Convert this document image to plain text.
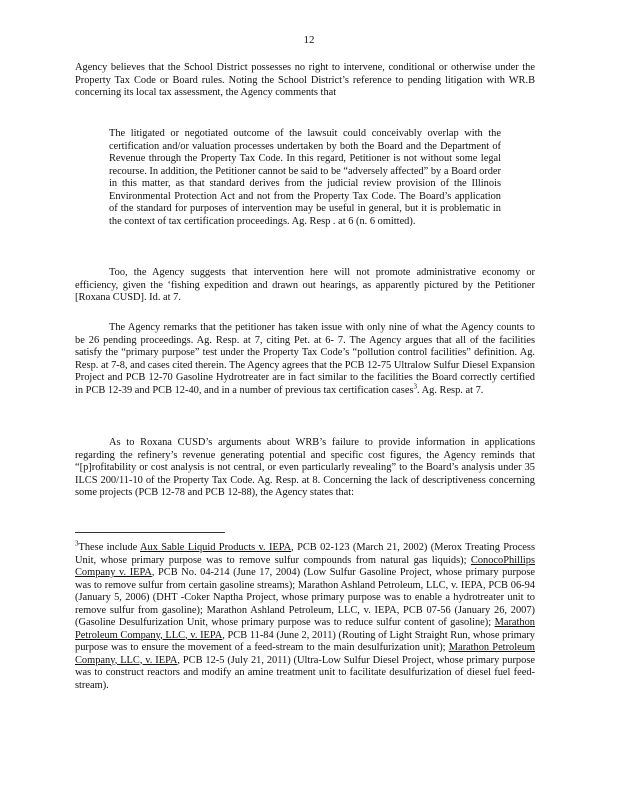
12

Agency believes that the School District possesses no right to intervene, conditional or otherwise under the Property Tax Code or Board rules. Noting the School District’s reference to pending litigation with WR.B concerning its local tax assessment, the Agency comments that

The litigated or negotiated outcome of the lawsuit could conceivably overlap with the certification and/or valuation processes undertaken by both the Board and the Department of Revenue through the Property Tax Code. In this regard, Petitioner is not without some legal recourse. In addition, the Petitioner cannot be said to be “adversely affected” by a Board order in this matter, as that standard derives from the judicial review provision of the Illinois Environmental Protection Act and not from the Property Tax Code. The Board’s application of the standard for purposes of intervention may be useful in general, but it is problematic in the context of tax certification proceedings. Ag. Resp . at 6 (n. 6 omitted).

Too, the Agency suggests that intervention here will not promote administrative economy or efficiency, given the ‘fishing expedition and drawn out hearings, as apparently pictured by the Petitioner [Roxana CUSD]. Id. at 7.

The Agency remarks that the petitioner has taken issue with only nine of what the Agency counts to be 26 pending proceedings. Ag. Resp. at 7, citing Pet. at 6- 7. The Agency argues that all of the facilities satisfy the “primary purpose” test under the Property Tax Code’s “pollution control facilities” definition. Ag. Resp. at 7-8, and cases cited therein. The Agency agrees that the PCB 12-75 Ultralow Sulfur Diesel Expansion Project and PCB 12-70 Gasoline Hydrotreater are in fact similar to the facilities the Board correctly certified in PCB 12-39 and PCB 12-40, and in a number of previous tax certification cases$^3$. Ag. Resp. at 7.

As to Roxana CUSD’s arguments about WRB’s failure to provide information in applications regarding the refinery’s revenue generating potential and specific cost figures, the Agency reminds that “[p]rofitability or cost analysis is not central, or even particularly revealing” to the Board’s analysis under 35 ILCS 200/11-10 of the Property Tax Code. Ag. Resp. at 8. Concerning the lack of descriptiveness concerning some projects (PCB 12-78 and PCB 12-88), the Agency states that:

$^3$These include Aux Sable Liquid Products v. IEPA, PCB 02-123 (March 21, 2002) (Merox Treating Process Unit, whose primary purpose was to remove sulfur compounds from natural gas liquids); ConocoPhillips Company v. IEPA, PCB No. 04-214 (June 17, 2004) (Low Sulfur Gasoline Project, whose primary purpose was to remove sulfur from certain gasoline streams); Marathon Ashland Petroleum, LLC, v. IEPA, PCB 06-94 (January 5, 2006) (DHT -Coker Naptha Project, whose primary purpose was to enable a hydrotreater unit to remove sulfur from gasoline); Marathon Ashland Petroleum, LLC, v. IEPA, PCB 07-56 (January 26, 2007) (Gasoline Desulfurization Unit, whose primary purpose was to reduce sulfur content of gasoline); Marathon Petroleum Company, LLC, v. IEPA, PCB 11-84 (June 2, 2011) (Routing of Light Straight Run, whose primary purpose was to ensure the movement of a feed-stream to the main desulfurization unit); Marathon Petroleum Company, LLC, v. IEPA, PCB 12-5 (July 21, 2011) (Ultra-Low Sulfur Diesel Project, whose primary purpose was to construct reactors and modify an amine treatment unit to facilitate desulfurization of diesel fuel feed-stream).
